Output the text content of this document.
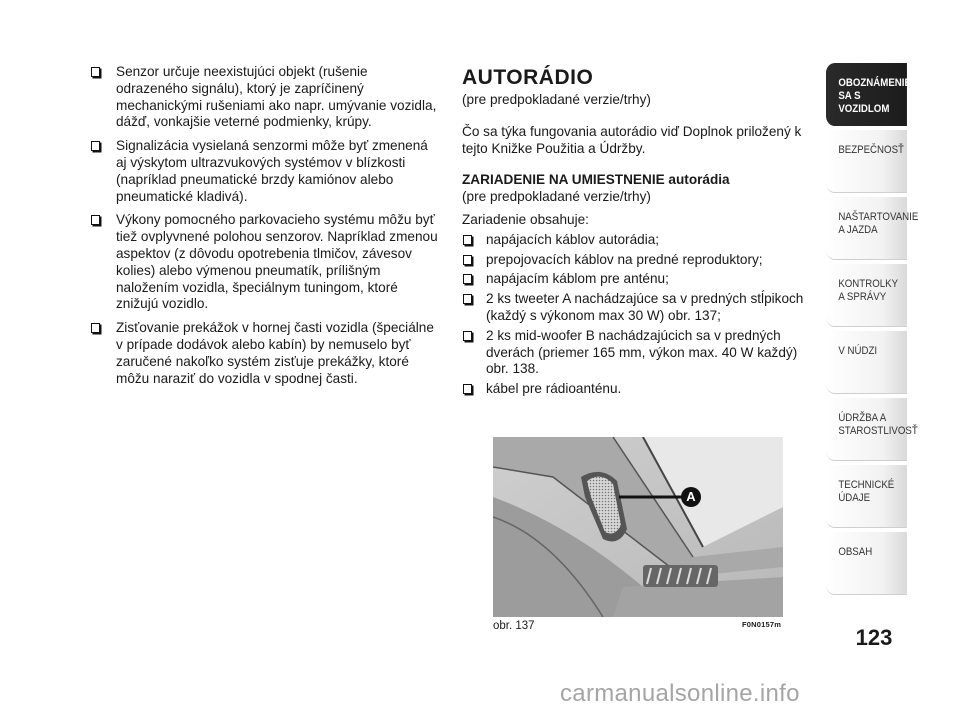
Senzor určuje neexistujúci objekt (rušenie odrazeného signálu), ktorý je zapríčinený mechanickými rušeniami ako napr. umývanie vozidla, dážď, vonkajšie veterné podmienky, krúpy.
Signalizácia vysielaná senzormi môže byť zmenená aj výskytom ultrazvukových systémov v blízkosti (napríklad pneumatické brzdy kamiónov alebo pneumatické kladivá).
Výkony pomocného parkovacieho systému môžu byť tiež ovplyvnené polohou senzorov. Napríklad zmenou aspektov (z dôvodu opotrebenia tlmičov, závesov kolies) alebo výmenou pneumatík, prílišným naložením vozidla, špeciálnym tuningom, ktoré znižujú vozidlo.
Zisťovanie prekážok v hornej časti vozidla (špeciálne v prípade dodávok alebo kabín) by nemuselo byť zaručené nakoľko systém zisťuje prekážky, ktoré môžu naraziť do vozidla v spodnej časti.
AUTORÁDIO

(pre predpokladané verzie/trhy)

Čo sa týka fungovania autorádio viď Doplnok priložený k tejto Knižke Použitia a Údržby.

ZARIADENIE NA UMIESTNENIE autorádia

(pre predpokladané verzie/trhy)

Zariadenie obsahuje:

napájacích káblov autorádia;
prepojovacích káblov na predné reproduktory;
napájacím káblom pre anténu;
2 ks tweeter A nachádzajúce sa v predných stĺpikoch (každý s výkonom max 30 W) obr. 137;
2 ks mid-woofer B nachádzajúcich sa v predných dverách (priemer 165 mm, výkon max. 40 W každý) obr. 138.
kábel pre rádioanténu.
A
obr. 137	F0N0157m
OBOZNÁMENIE
SA S VOZIDLOM
BEZPEČNOSŤ
NAŠTARTOVANIE
A JAZDA
KONTROLKY
A SPRÁVY
V NÚDZI
ÚDRŽBA A
STAROSTLIVOSŤ
TECHNICKÉ
ÚDAJE
OBSAH
123
carmanualsonline.info
